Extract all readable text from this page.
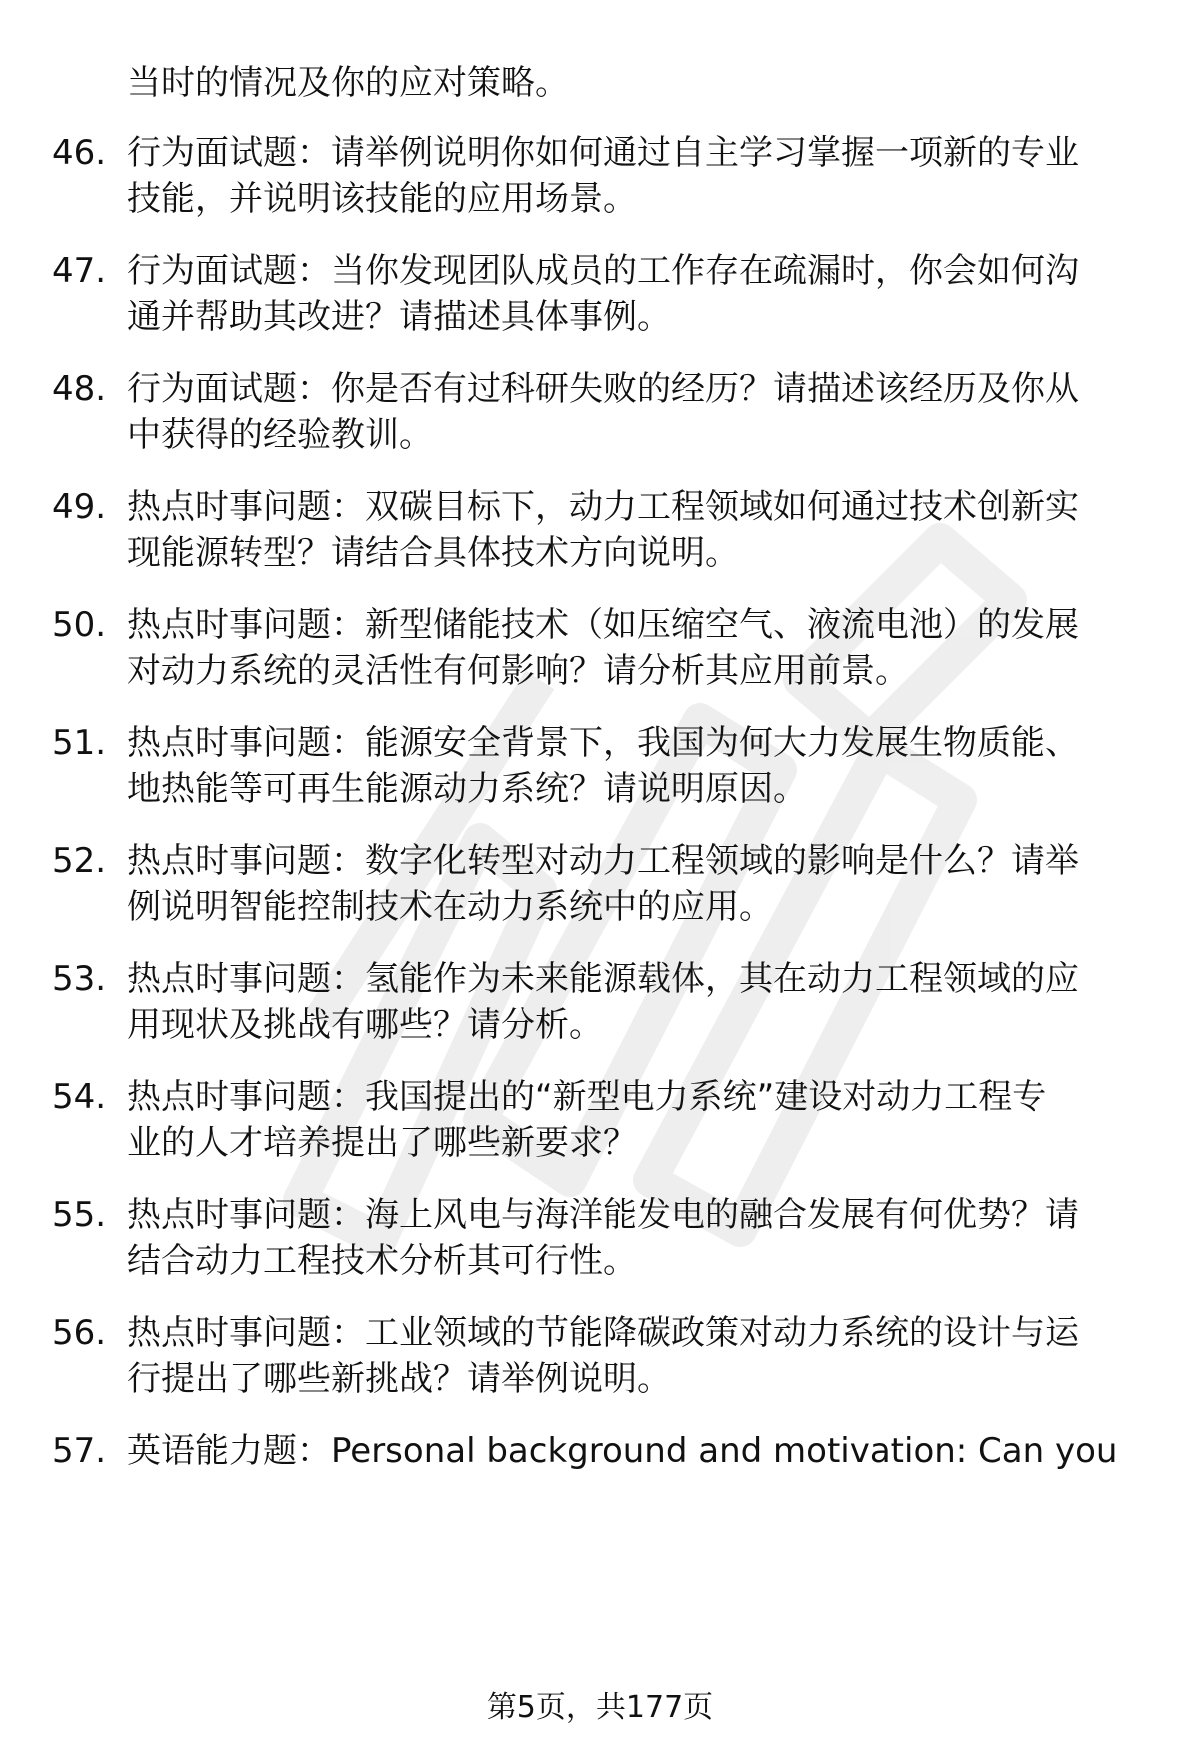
当时的情况及你的应对策略。
46. 行为面试题：请举例说明你如何通过自主学习掌握一项新的专业
技能，并说明该技能的应用场景。
47. 行为面试题：当你发现团队成员的工作存在疏漏时，你会如何沟
通并帮助其改进？请描述具体事例。
48. 行为面试题：你是否有过科研失败的经历？请描述该经历及你从
中获得的经验教训。
49. 热点时事问题：双碳目标下，动力工程领域如何通过技术创新实
现能源转型？请结合具体技术方向说明。
50. 热点时事问题：新型储能技术（如压缩空气、液流电池）的发展
对动力系统的灵活性有何影响？请分析其应用前景。
51. 热点时事问题：能源安全背景下，我国为何大力发展生物质能、
地热能等可再生能源动力系统？请说明原因。
52. 热点时事问题：数字化转型对动力工程领域的影响是什么？请举
例说明智能控制技术在动力系统中的应用。
53. 热点时事问题：氢能作为未来能源载体，其在动力工程领域的应
用现状及挑战有哪些？请分析。
54. 热点时事问题：我国提出的“新型电力系统”建设对动力工程专
业的人才培养提出了哪些新要求？
55. 热点时事问题：海上风电与海洋能发电的融合发展有何优势？请
结合动力工程技术分析其可行性。
56. 热点时事问题：工业领域的节能降碳政策对动力系统的设计与运
行提出了哪些新挑战？请举例说明。
57. 英语能力题：Personal background and motivation: Can you
第5页，共177页
